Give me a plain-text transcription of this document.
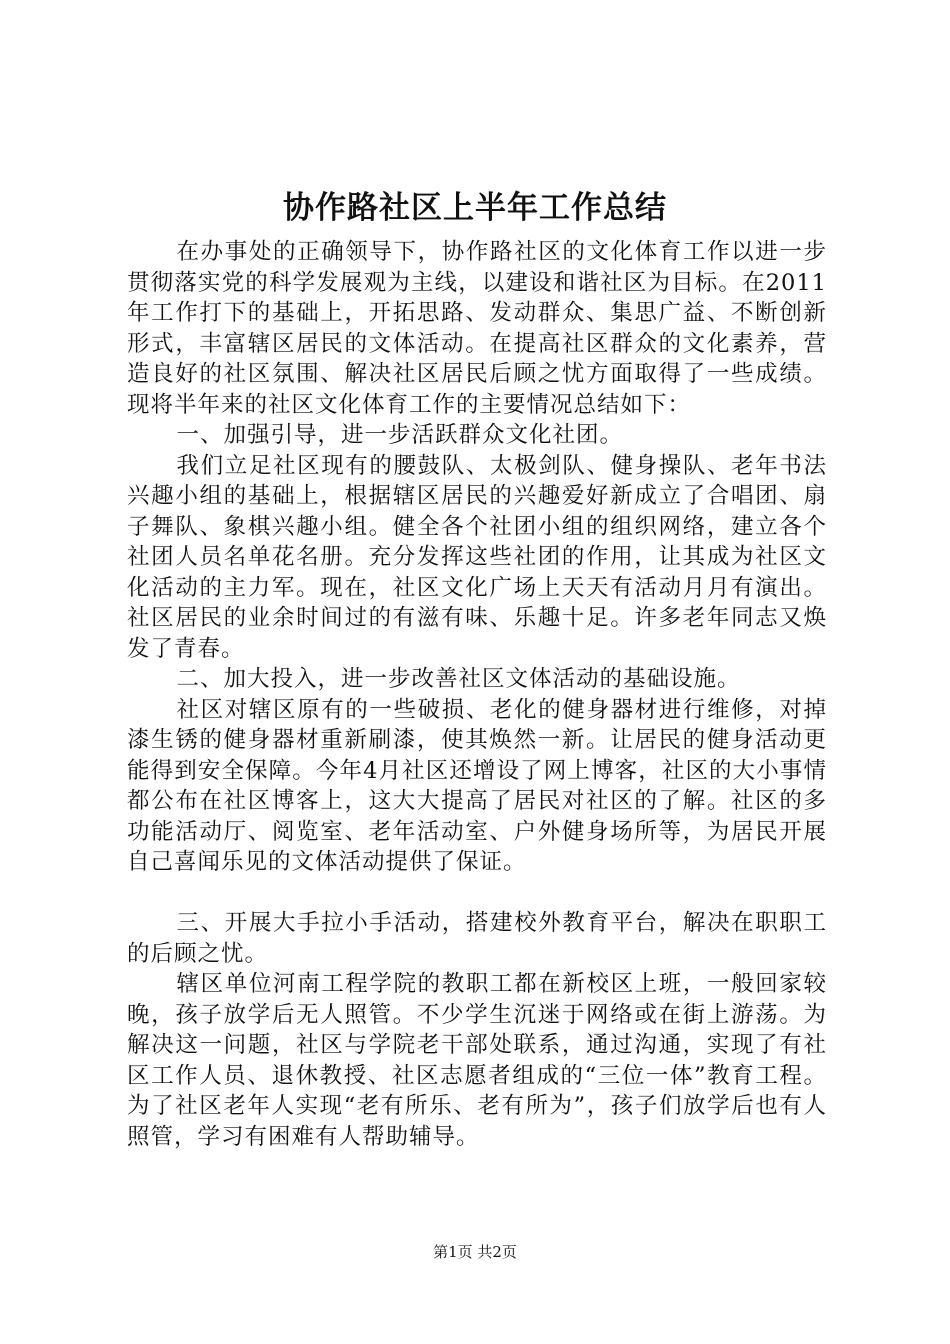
协作路社区上半年工作总结

在办事处的正确领导下，协作路社区的文化体育工作以进一步贯彻落实党的科学发展观为主线，以建设和谐社区为目标。在2011年工作打下的基础上，开拓思路、发动群众、集思广益、不断创新形式，丰富辖区居民的文体活动。在提高社区群众的文化素养，营造良好的社区氛围、解决社区居民后顾之忧方面取得了一些成绩。现将半年来的社区文化体育工作的主要情况总结如下：

一、加强引导，进一步活跃群众文化社团。

我们立足社区现有的腰鼓队、太极剑队、健身操队、老年书法兴趣小组的基础上，根据辖区居民的兴趣爱好新成立了合唱团、扇子舞队、象棋兴趣小组。健全各个社团小组的组织网络，建立各个社团人员名单花名册。充分发挥这些社团的作用，让其成为社区文化活动的主力军。现在，社区文化广场上天天有活动月月有演出。社区居民的业余时间过的有滋有味、乐趣十足。许多老年同志又焕发了青春。

二、加大投入，进一步改善社区文体活动的基础设施。

社区对辖区原有的一些破损、老化的健身器材进行维修，对掉漆生锈的健身器材重新刷漆，使其焕然一新。让居民的健身活动更能得到安全保障。今年4月社区还增设了网上博客，社区的大小事情都公布在社区博客上，这大大提高了居民对社区的了解。社区的多功能活动厅、阅览室、老年活动室、户外健身场所等，为居民开展自己喜闻乐见的文体活动提供了保证。

三、开展大手拉小手活动，搭建校外教育平台，解决在职职工的后顾之忧。

辖区单位河南工程学院的教职工都在新校区上班，一般回家较晚，孩子放学后无人照管。不少学生沉迷于网络或在街上游荡。为解决这一问题，社区与学院老干部处联系，通过沟通，实现了有社区工作人员、退休教授、社区志愿者组成的“三位一体”教育工程。为了社区老年人实现“老有所乐、老有所为”，孩子们放学后也有人照管，学习有困难有人帮助辅导。

第1页 共2页
